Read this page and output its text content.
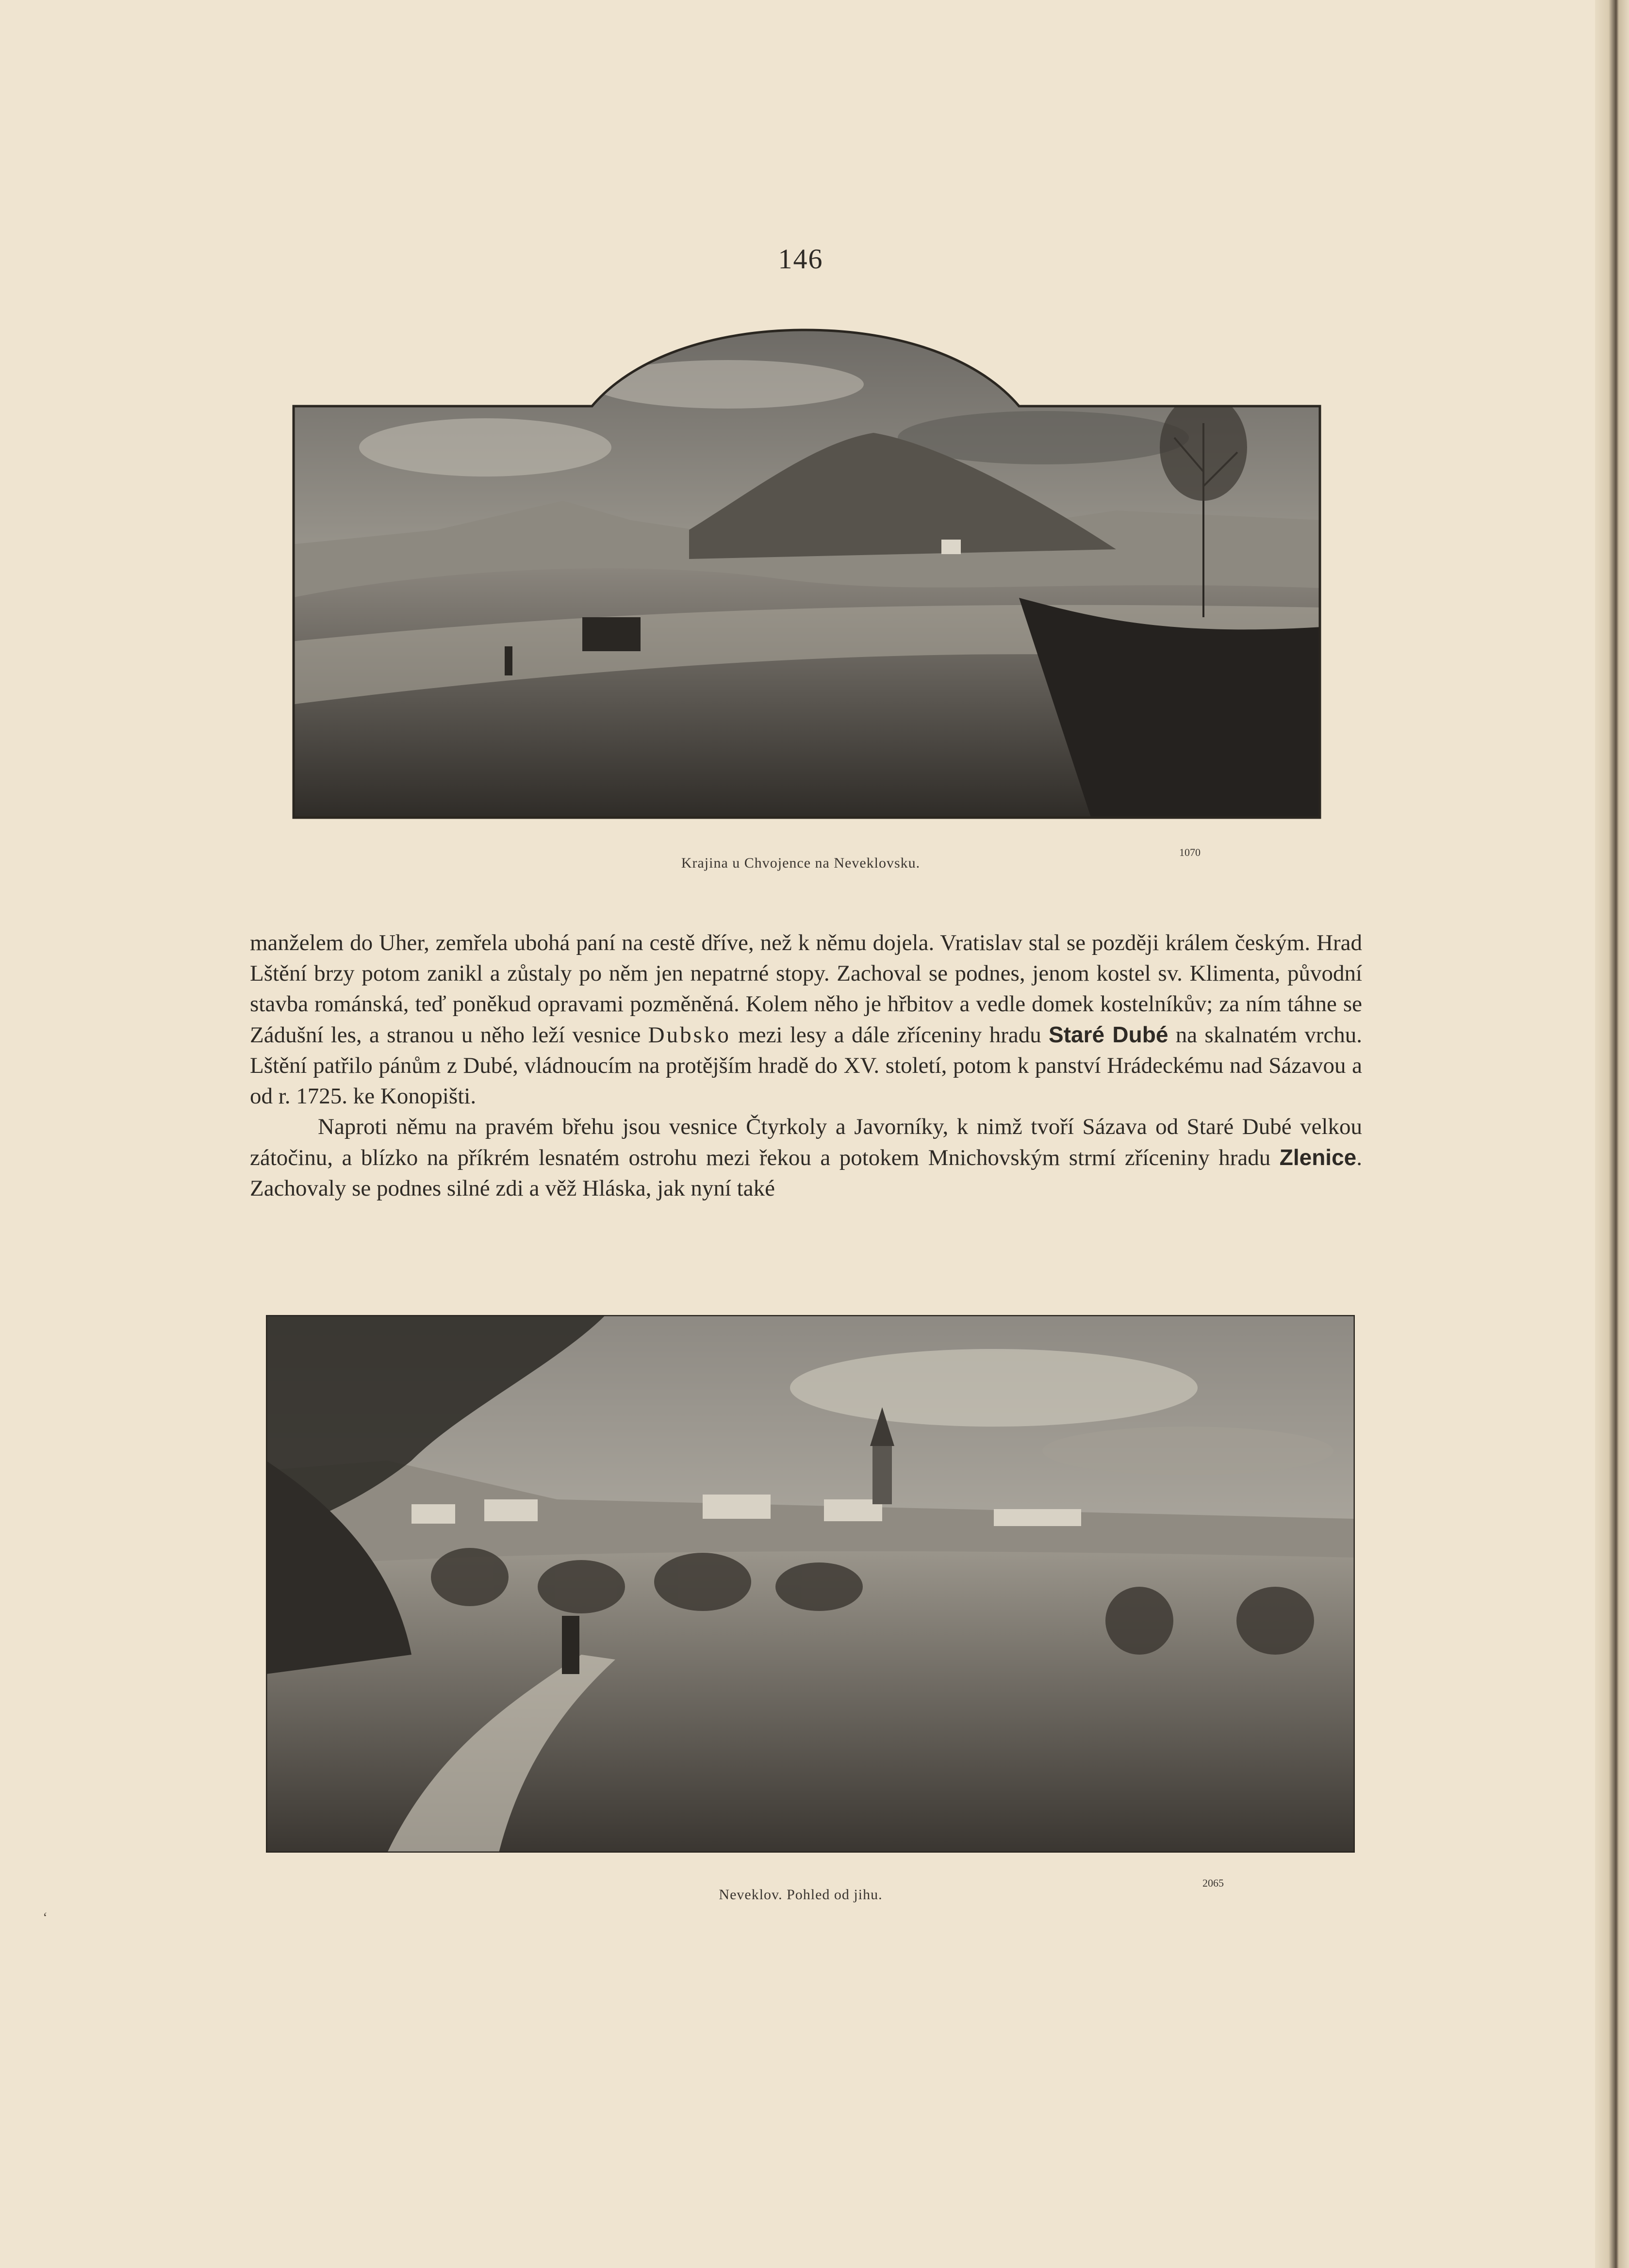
146
Krajina u Chvojence na Neveklovsku.
1070

manželem do Uher, zemřela ubohá paní na cestě dříve, než k němu dojela. Vratislav stal se později králem českým. Hrad Lštění brzy potom zanikl a zůstaly po něm jen nepatrné stopy. Zachoval se podnes, jenom kostel sv. Klimenta, původní stavba románská, teď poněkud opravami pozměněná. Kolem něho je hřbitov a vedle domek kostelníkův; za ním táhne se Zádušní les, a stranou u něho leží vesnice Dubsko mezi lesy a dále zříceniny hradu Staré Dubé na skalnatém vrchu. Lštění patřilo pánům z Dubé, vládnoucím na protějším hradě do XV. století, potom k panství Hrádeckému nad Sázavou a od r. 1725. ke Konopišti.

Naproti němu na pravém břehu jsou vesnice Čtyrkoly a Javorníky, k nimž tvoří Sázava od Staré Dubé velkou zátočinu, a blízko na příkrém lesnatém ostrohu mezi řekou a potokem Mnichovským strmí zříceniny hradu Zlenice. Zachovaly se podnes silné zdi a věž Hláska, jak nyní také

Neveklov. Pohled od jihu.
2065
‘
